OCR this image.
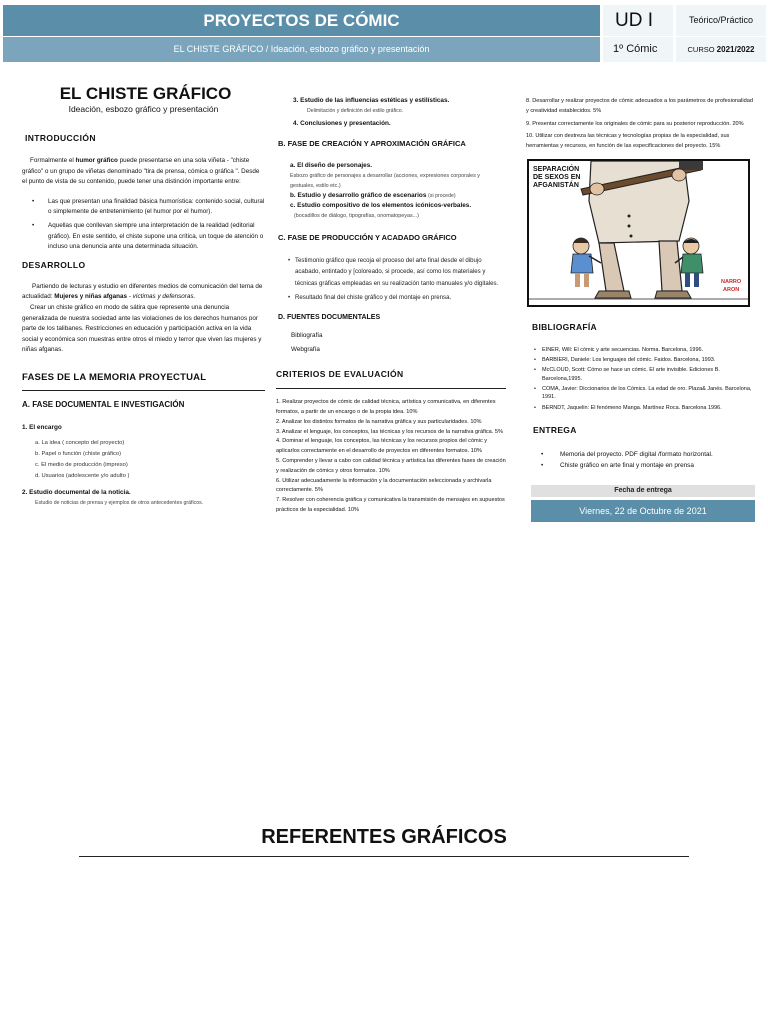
PROYECTOS DE CÓMIC
EL CHISTE GRÁFICO / Ideación, esbozo gráfico y presentación
UD I	Teórico/Práctico
1º Cómic	CURSO 2021/2022
EL CHISTE GRÁFICO
Ideación, esbozo gráfico y presentación
INTRODUCCIÓN
Formalmente el humor gráfico puede presentarse en una sola viñeta - "chiste gráfico" o un grupo de viñetas denominado "tira de prensa, cómica o gráfica ". Desde el punto de vista de su contenido, puede tener una distinción importante entre:
• Las que presentan una finalidad básica humorística: contenido social, cultural o simplemente de entretenimiento (el humor por el humor).
• Aquellas que conllevan siempre una interpretación de la realidad (editorial gráfico). En este sentido, el chiste supone una crítica, un toque de atención o incluso una denuncia ante una determinada situación.
DESARROLLO
Partiendo de lecturas y estudio en diferentes medios de comunicación del tema de actualidad: Mujeres y niñas afganas - víctimas y defensoras.
Crear un chiste gráfico en modo de sátira que represente una denuncia generalizada de nuestra sociedad ante las violaciones de los derechos humanos por parte de los talibanes. Restricciones en educación y participación activa en la vida social y económica son muestras entre otros el miedo y terror que viven las mujeres y niñas afganas.
FASES DE LA MEMORIA PROYECTUAL
A. FASE DOCUMENTAL E INVESTIGACIÓN
1. El encargo
a. La idea ( concepto del proyecto)
b. Papel o función (chiste gráfico)
c. El medio de producción (impreso)
d. Usuarios (adolescente y/o adulto )
2. Estudio documental de la noticia.
Estudio de noticias de prensa y ejemplos de otros antecedentes gráficos.
3. Estudio de las influencias estéticas y estilísticas.
Delimitación y definición del estilo gráfico.
4. Conclusiones y presentación.
B. FASE DE CREACIÓN Y APROXIMACIÓN GRÁFICA
a. El diseño de personajes.
Esbozo gráfico de personajes a desarrollar (acciones, expresiones corporales y gestuales, estilo etc.)
b. Estudio y desarrollo gráfico de escenarios (si procede)
c. Estudio compositivo de los elementos icónicos-verbales.
(bocadillos de diálogo, tipografías, onomatopeyas...)
C. FASE DE PRODUCCIÓN Y ACADADO GRÁFICO
• Testimonio gráfico que recoja el proceso del arte final desde el dibujo acabado, entintado y [coloreado, si procede, así como los materiales y técnicas gráficas empleadas en su realización tanto manuales y/o digitales.
• Resultado final del chiste gráfico y del montaje en prensa.
D. FUENTES DOCUMENTALES
Bibliografía
Webgrafía
CRITERIOS DE EVALUACIÓN
1. Realizar proyectos de cómic de calidad técnica, artística y comunicativa, en diferentes formatos, a partir de un encargo o de la propia idea. 10%
2. Analizar los distintos formatos de la narrativa gráfica y sus particularidades. 10%
3. Analizar el lenguaje, los conceptos, las técnicas y los recursos de la narrativa gráfica. 5%
4. Dominar el lenguaje, los conceptos, las técnicas y los recursos propios del cómic y aplicarlos correctamente en el desarrollo de proyectos en diferentes formatos. 10%
5. Comprender y llevar a cabo con calidad técnica y artística las diferentes fases de creación y realización de cómics y otros formatos. 10%
6. Utilizar adecuadamente la información y la documentación seleccionada y archivarla correctamente. 5%
7. Resolver con coherencia gráfica y comunicativa la transmisión de mensajes en supuestos prácticos de la especialidad. 10%
8. Desarrollar y realizar proyectos de cómic adecuados a los parámetros de profesionalidad y creatividad establecidos. 5%
9. Presentar correctamente los originales de cómic para su posterior reproducción. 20%
10. Utilizar con destreza las técnicas y tecnologías propias de la especialidad, sus herramientas y recursos, en función de las especificaciones del proyecto. 15%
SEPARACIÓN
DE SEXOS EN
AFGANISTÁN
NARRO
ARON
BIBLIOGRAFÍA
• EINER, Will: El cómic y arte secuencias. Norma. Barcelona, 1996.
• BARBIERI, Daniele: Los lenguajes del cómic. Faidos. Barcelona, 1993.
• McCLOUD, Scott: Cómo se hace un cómic. El arte invisible. Ediciones B. Barcelona,1995.
• COMA, Javier: Diccionarios de los Cómics. La edad de oro. Plaza& Janés. Barcelona, 1991.
• BERNDT, Jaquelin: El fenómeno Manga. Martínez Roca. Barcelona 1996.
ENTREGA
• Memoria del proyecto. PDF digital /formato horizontal.
• Chiste gráfico en arte final y montaje en prensa
Fecha de entrega
Viernes, 22 de Octubre de 2021
REFERENTES GRÁFICOS
